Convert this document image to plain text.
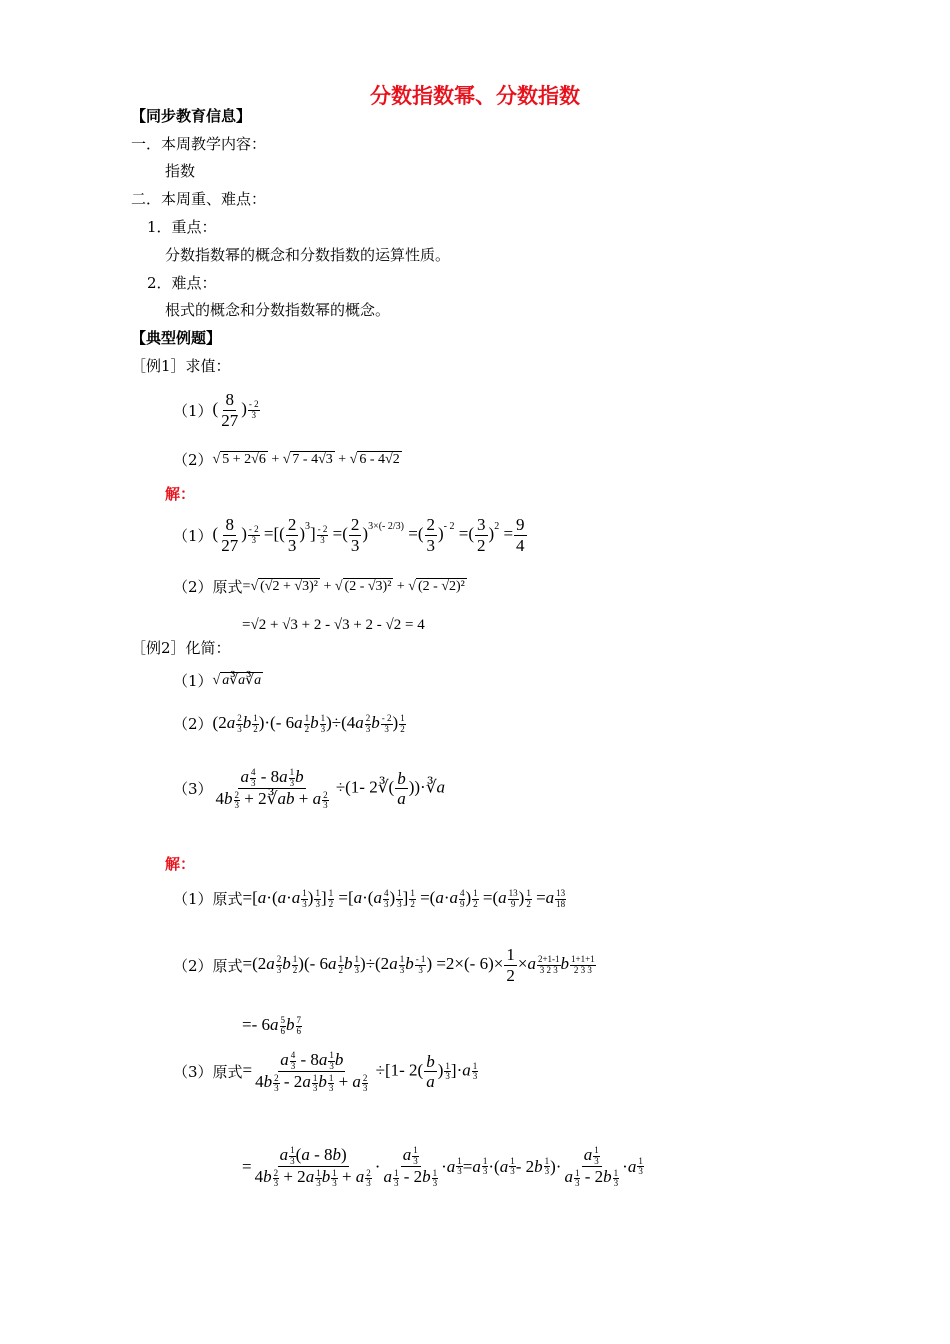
分数指数幂、分数指数
【同步教育信息】
一．本周教学内容：
指数
二．本周重、难点：
1．重点：
分数指数幂的概念和分数指数的运算性质。
2．难点：
根式的概念和分数指数幂的概念。
【典型例题】
［例1］求值：
（1） ( $\frac{8}{27}$ ) $\frac{- 2}{3}$
（2） √ 5 + 2√6 + √ 7 - 4√3 + √ 6 - 4√2
解：
（1） ( $\frac{8}{27}$ ) $\frac{- 2}{3}$ =[( $\frac{2}{3} )^3] \frac{- 2}{3}$ =( $\frac{2}{3} )^{3\times(- 2/3)}$ =( $\frac{2}{3} )^{- 2}$ =( $\frac{3}{2} )^2 = \frac{9}{4}$
（2）原式 =√ (√2 + √3)² + √ (2 - √3)² + √ (2 - √2)²
=√2 + √3 + 2 - √3 + 2 - √2 = 4
［例2］化简：
（1） √ a∛a∛a
（2） ($2a \frac{2}{3}$ b $\frac{1}{2}$ )·(- $6a \frac{1}{2}$ b $\frac{1}{3} )\div(4a \frac{2}{3}$ b $\frac{- 2}{3}$ ) $\frac{1}{2}$
$(3) \frac{a \frac{4}{3} - 8a \frac{1}{3} b}{4b \frac{2}{3} + 2∛ab + a \frac{2}{3}} \div(1-$ 2∛( $\frac{b}{a}$ ))·∛a
解：
（1）原式 $=[a\cdot(a\cdot a \frac{1}{3}$ ) $\frac{1}{3}$ ] $\frac{1}{2} =[a\cdot(a \frac{4}{3}$ ) $\frac{1}{3}$ ] $\frac{1}{2} =(a\cdot a \frac{4}{9}$ ) $\frac{1}{2} =(a \frac{13}{9}$ ) $\frac{1}{2} =a \frac{13}{18}$
（2）原式 $=(2a \frac{2}{3}$ b $\frac{1}{2}$ )(- $6a \frac{1}{2}$ b $\frac{1}{3} )\div(2a \frac{1}{3}$ b $\frac{- 1}{3}$ ) =2×(- $6)\times \frac{1}{2} \times a \frac{2+1-1}{3 2 3}$ b $\frac{1+1+1}{2 3 3}$
=- $6a \frac{5}{6}$ b $\frac{7}{6}$
（3）原式 = $\frac{a \frac{4}{3} - 8a \frac{1}{3} b}{4b \frac{2}{3} - 2a \frac{1}{3} b \frac{1}{3} + a \frac{2}{3}} \div[1-$ $2( \frac{b}{a}$ ) $\frac{1}{3} ]\cdot a \frac{1}{3}$
= $\frac{a \frac{1}{3} (a - 8b)}{4b \frac{2}{3} + 2a \frac{1}{3} b \frac{1}{3} + a \frac{2}{3}} \cdot \frac{a \frac{1}{3}}{a \frac{1}{3} - 2b \frac{1}{3}} \cdot a$ 1
3 = a 1
3 ·( a 1
3 - 2 b 1
3 )· $\frac{a \frac{1}{3}}{a \frac{1}{3} - 2b \frac{1}{3}} \cdot a$ 1
3
